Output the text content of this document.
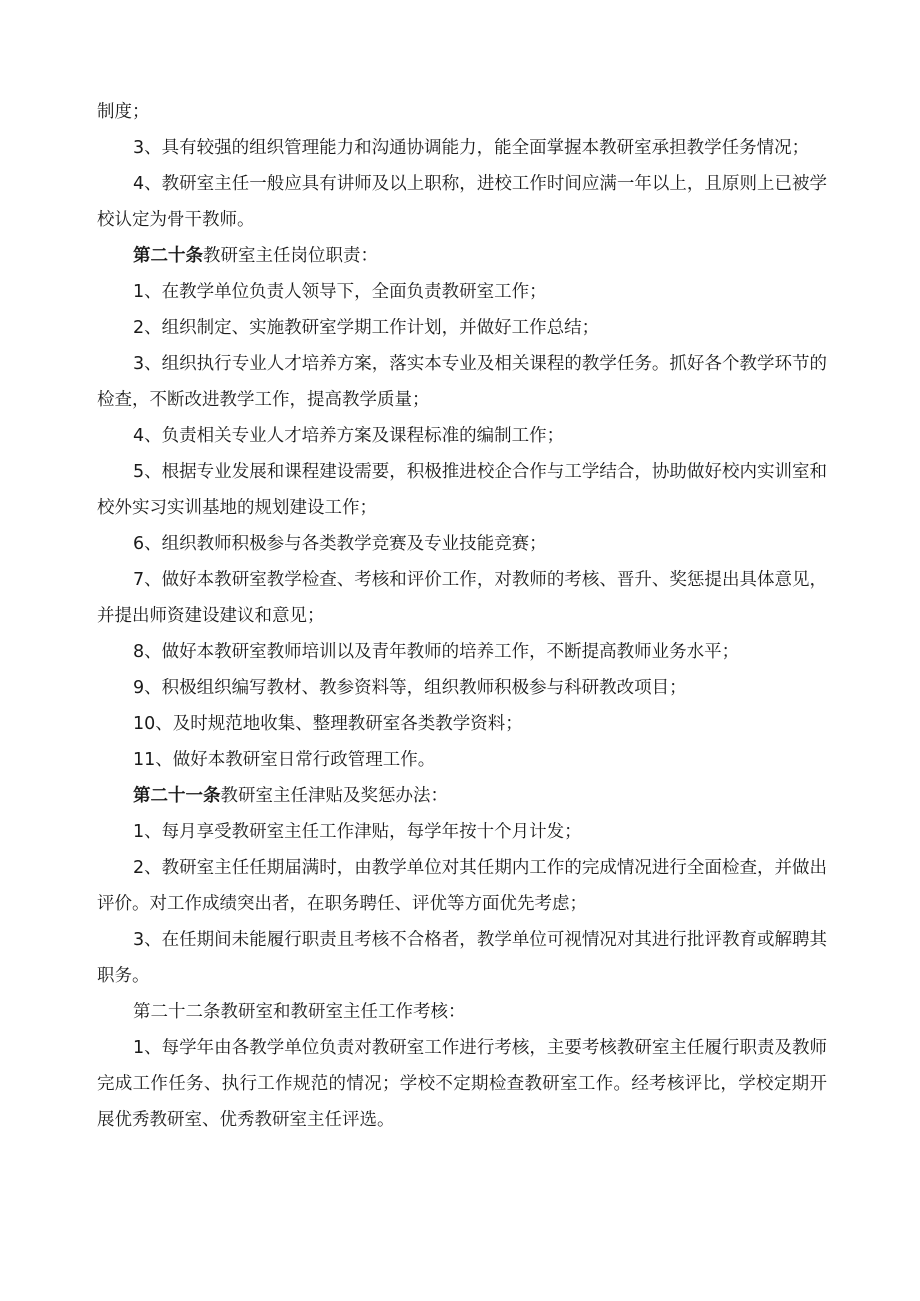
制度；

3、具有较强的组织管理能力和沟通协调能力，能全面掌握本教研室承担教学任务情况；

4、教研室主任一般应具有讲师及以上职称，进校工作时间应满一年以上，且原则上已被学校认定为骨干教师。

第二十条教研室主任岗位职责：

1、在教学单位负责人领导下，全面负责教研室工作；

2、组织制定、实施教研室学期工作计划，并做好工作总结；

3、组织执行专业人才培养方案，落实本专业及相关课程的教学任务。抓好各个教学环节的检查，不断改进教学工作，提高教学质量；

4、负责相关专业人才培养方案及课程标准的编制工作；

5、根据专业发展和课程建设需要，积极推进校企合作与工学结合，协助做好校内实训室和校外实习实训基地的规划建设工作；

6、组织教师积极参与各类教学竞赛及专业技能竞赛；

7、做好本教研室教学检查、考核和评价工作，对教师的考核、晋升、奖惩提出具体意见，并提出师资建设建议和意见；

8、做好本教研室教师培训以及青年教师的培养工作，不断提高教师业务水平；

9、积极组织编写教材、教参资料等，组织教师积极参与科研教改项目；

10、及时规范地收集、整理教研室各类教学资料；

11、做好本教研室日常行政管理工作。

第二十一条教研室主任津贴及奖惩办法：

1、每月享受教研室主任工作津贴，每学年按十个月计发；

2、教研室主任任期届满时，由教学单位对其任期内工作的完成情况进行全面检查，并做出评价。对工作成绩突出者，在职务聘任、评优等方面优先考虑；

3、在任期间未能履行职责且考核不合格者，教学单位可视情况对其进行批评教育或解聘其职务。

第二十二条教研室和教研室主任工作考核：

1、每学年由各教学单位负责对教研室工作进行考核，主要考核教研室主任履行职责及教师完成工作任务、执行工作规范的情况；学校不定期检查教研室工作。经考核评比，学校定期开展优秀教研室、优秀教研室主任评选。
